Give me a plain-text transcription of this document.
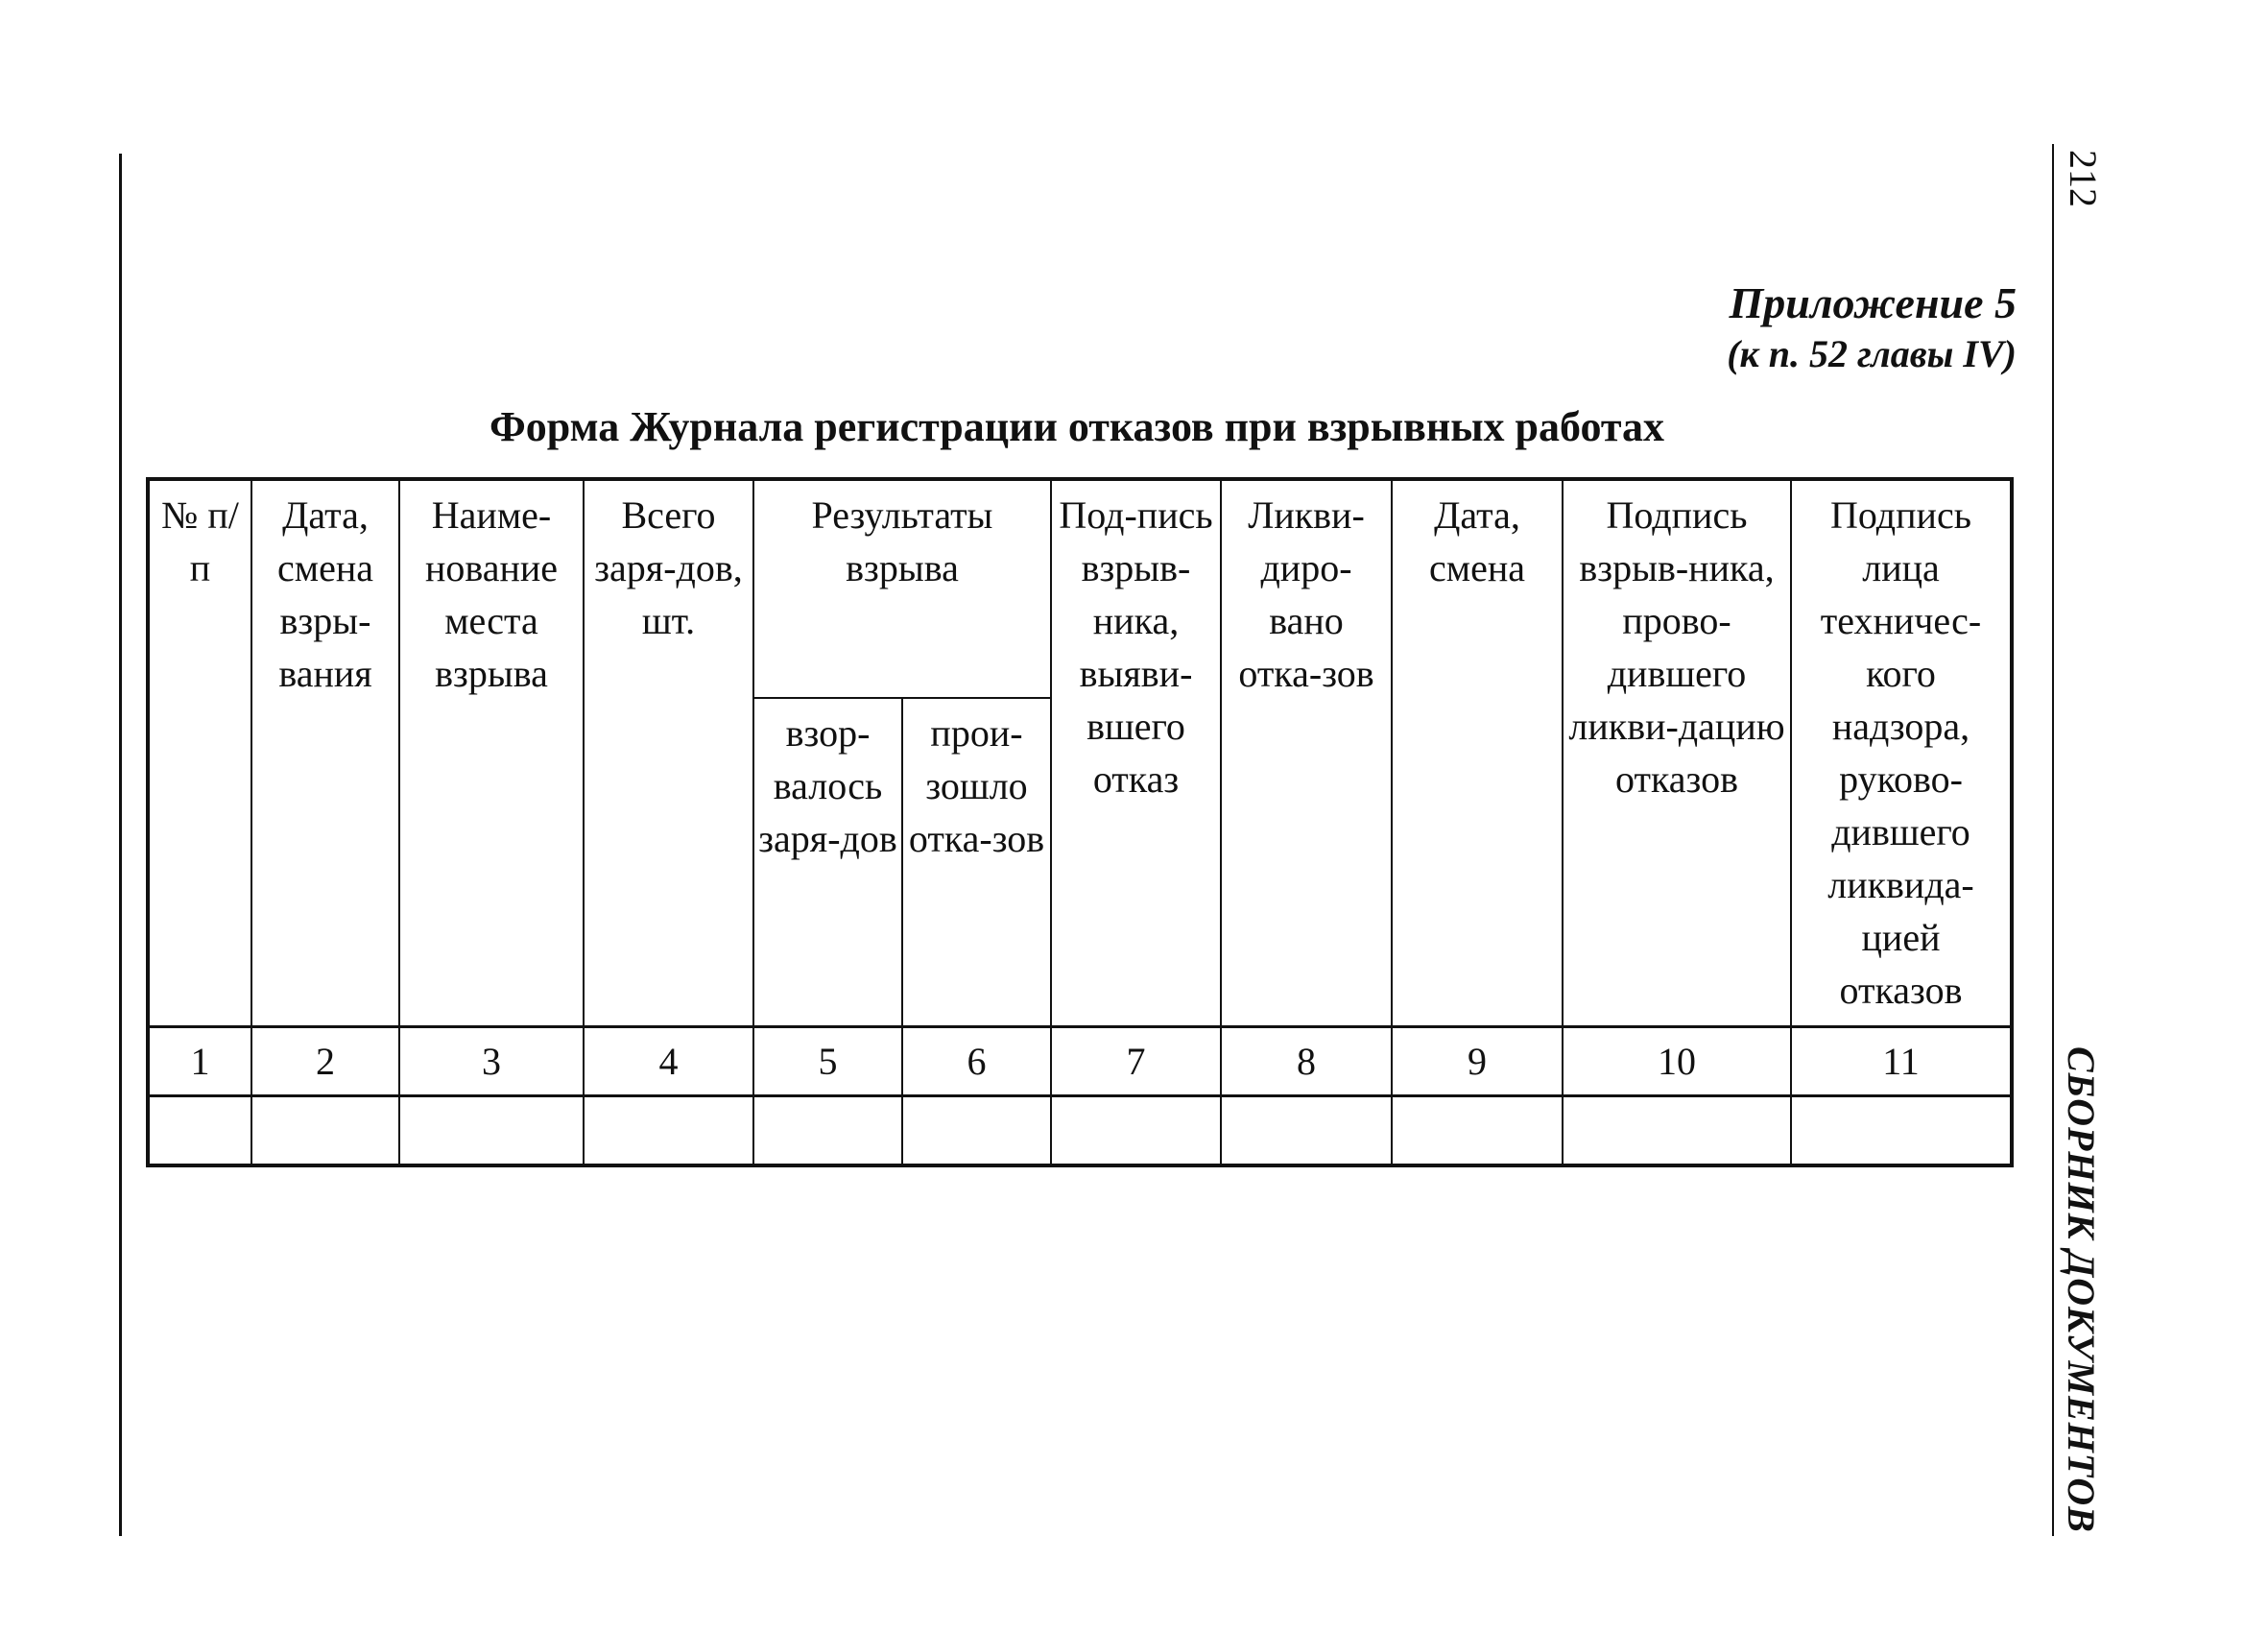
212
СБОРНИК ДОКУМЕНТОВ
Приложение 5
(к п. 52 главы IV)
Форма Журнала регистрации отказов при взрывных работах
№ п/п	Дата, смена взры-вания	Наиме-нование места взрыва	Всего заря-дов, шт.	Результаты взрыва		Под-пись взрыв-ника, выяви-вшего отказ	Ликви-диро-вано отка-зов	Дата, смена	Подпись взрыв-ника, прово-дившего ликви-дацию отказов	Подпись лица техничес-кого надзора, руково-дившего ликвида-цией отказов
				взор-валось заря-дов	прои-зошло отка-зов					
1	2	3	4	5	6	7	8	9	10	11
